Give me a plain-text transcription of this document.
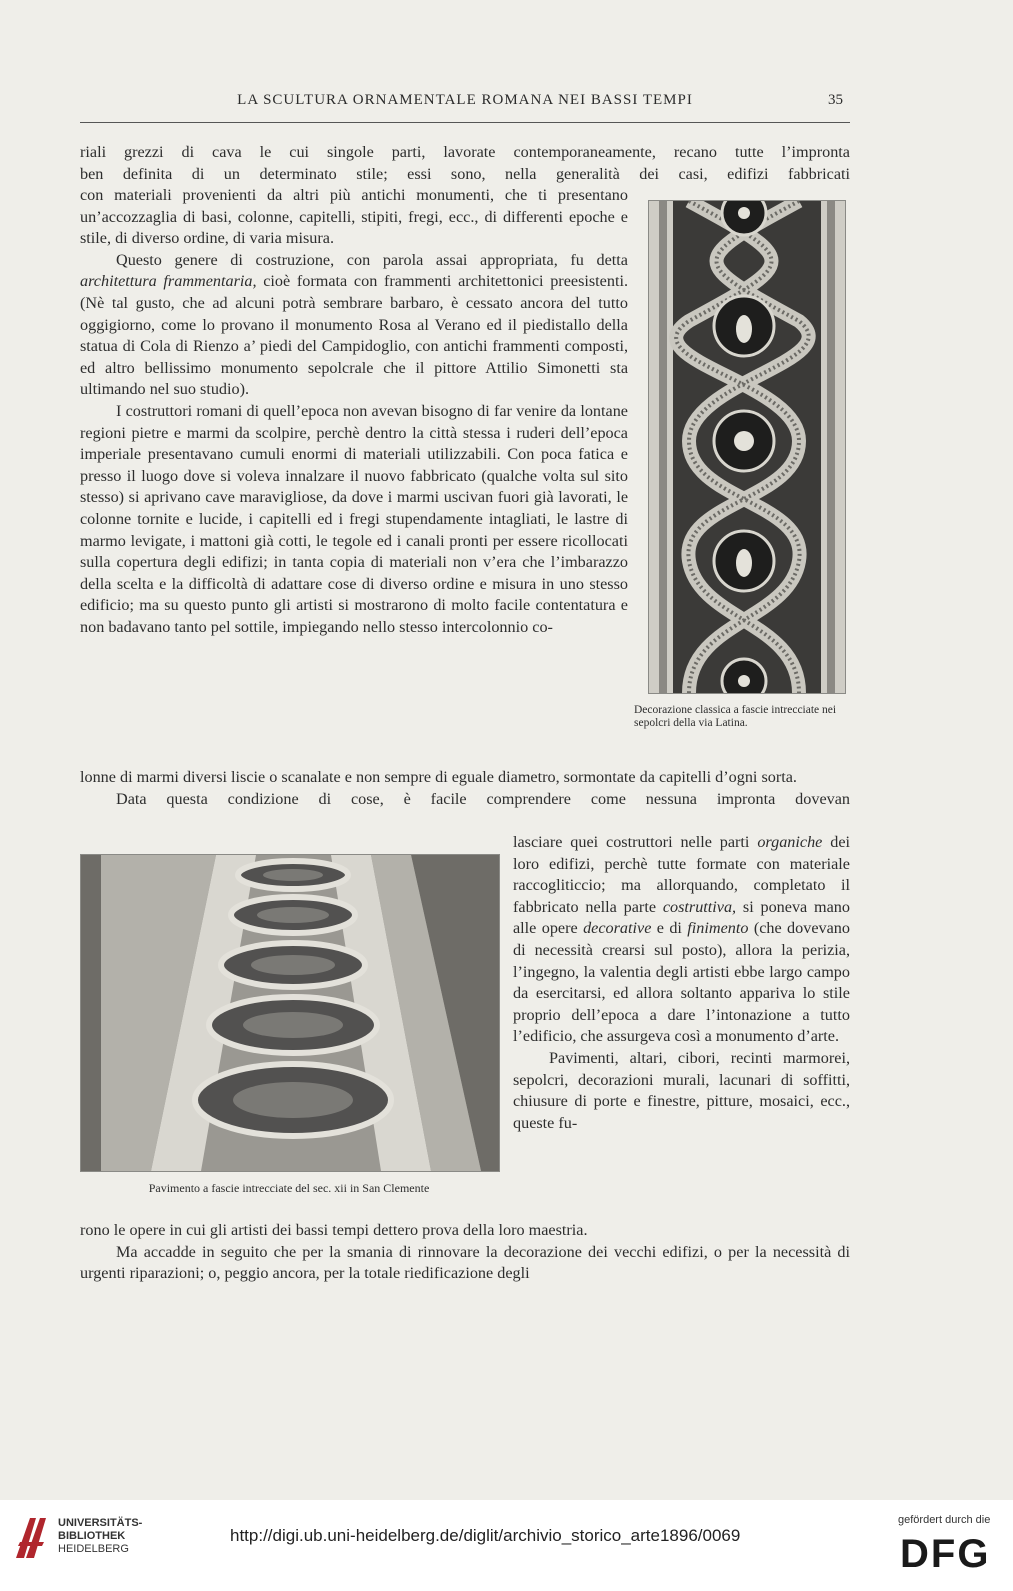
LA SCULTURA ORNAMENTALE ROMANA NEI BASSI TEMPI	35

riali grezzi di cava le cui singole parti, lavorate contemporaneamente, recano tutte l’impronta

ben definita di un determinato stile; essi sono, nella generalità dei casi, edifizi fabbricati

con materiali provenienti da altri più antichi monumenti, che ti presentano un’accozzaglia di basi, colonne, capitelli, stipiti, fregi, ecc., di differenti epoche e stile, di diverso ordine, di varia misura.

Questo genere di costruzione, con parola assai appropriata, fu detta architettura frammentaria, cioè formata con frammenti architettonici preesistenti. (Nè tal gusto, che ad alcuni potrà sembrare barbaro, è cessato ancora del tutto oggigiorno, come lo provano il monumento Rosa al Verano ed il piedistallo della statua di Cola di Rienzo a’ piedi del Campidoglio, con antichi frammenti composti, ed altro bellissimo monumento sepolcrale che il pittore Attilio Simonetti sta ultimando nel suo studio).

I costruttori romani di quell’epoca non avevan bisogno di far venire da lontane regioni pietre e marmi da scolpire, perchè dentro la città stessa i ruderi dell’epoca imperiale presentavano cumuli enormi di materiali utilizzabili. Con poca fatica e presso il luogo dove si voleva innalzare il nuovo fabbricato (qualche volta sul sito stesso) si aprivano cave maravigliose, da dove i marmi uscivan fuori già lavorati, le colonne tornite e lucide, i capitelli ed i fregi stupendamente intagliati, le lastre di marmo levigate, i mattoni già cotti, le tegole ed i canali pronti per essere ricollocati sulla copertura degli edifizi; in tanta copia di materiali non v’era che l’imbarazzo della scelta e la difficoltà di adattare cose di diverso ordine e misura in uno stesso edificio; ma su questo punto gli artisti si mostrarono di molto facile contentatura e non badavano tanto pel sottile, impiegando nello stesso intercolonnio co-

Decorazione classica a fascie intrecciate nei sepolcri della via Latina.

lonne di marmi diversi liscie o scanalate e non sempre di eguale diametro, sormontate da capitelli d’ogni sorta.

Data questa condizione di cose, è facile comprendere come nessuna impronta dovevan

Pavimento a fascie intrecciate del sec. xii in San Clemente

lasciare quei costruttori nelle parti organiche dei loro edifizi, perchè tutte formate con materiale raccogliticcio; ma allorquando, completato il fabbricato nella parte costruttiva, si poneva mano alle opere decorative e di finimento (che dovevano di necessità crearsi sul posto), allora la perizia, l’ingegno, la valentia degli artisti ebbe largo campo da esercitarsi, ed allora soltanto appariva lo stile proprio dell’epoca a dare l’intonazione a tutto l’edificio, che assurgeva così a monumento d’arte.

Pavimenti, altari, cibori, recinti marmorei, sepolcri, decorazioni murali, lacunari di soffitti, chiusure di porte e finestre, pitture, mosaici, ecc., queste fu-

rono le opere in cui gli artisti dei bassi tempi dettero prova della loro maestria.

Ma accadde in seguito che per la smania di rinnovare la decorazione dei vecchi edifizi, o per la necessità di urgenti riparazioni; o, peggio ancora, per la totale riedificazione degli

UNIVERSITÄTS-
BIBLIOTHEK
HEIDELBERG
http://digi.ub.uni-heidelberg.de/diglit/archivio_storico_arte1896/0069
gefördert durch die
DFG
